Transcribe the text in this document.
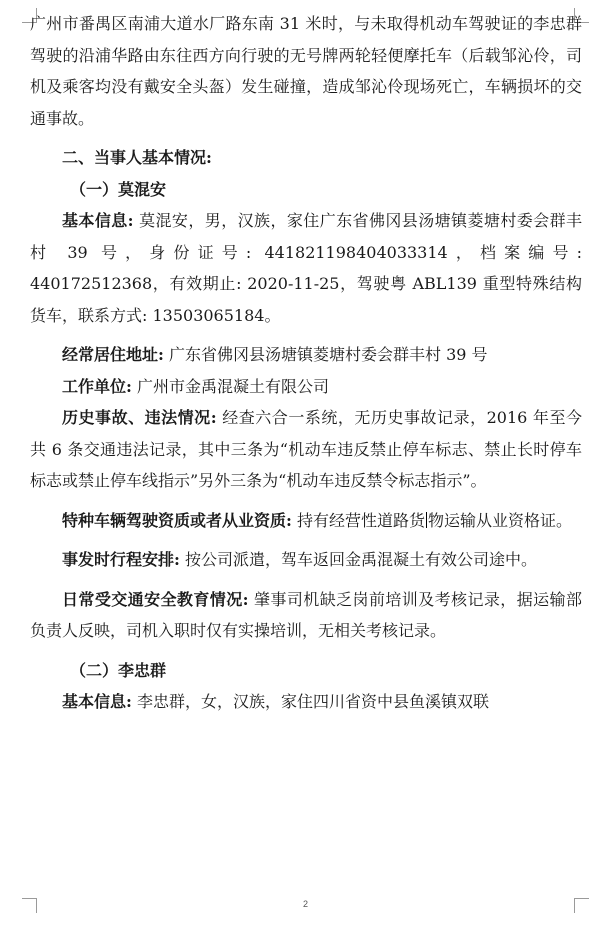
广州市番禺区南浦大道水厂路东南 31 米时，与未取得机动车驾驶证的李忠群驾驶的沿浦华路由东往西方向行驶的无号牌两轮轻便摩托车（后载邹沁伶，司机及乘客均没有戴安全头盔）发生碰撞，造成邹沁伶现场死亡，车辆损坏的交通事故。

二、当事人基本情况:

（一）莫混安

基本信息: 莫混安，男，汉族，家住广东省佛冈县汤塘镇菱塘村委会群丰村 39 号，身份证号: 441821198404033314，档案编号: 440172512368，有效期止: 2020-11-25，驾驶粤 ABL139 重型特殊结构货车，联系方式: 13503065184。

经常居住地址: 广东省佛冈县汤塘镇菱塘村委会群丰村 39 号

工作单位: 广州市金禹混凝土有限公司

历史事故、违法情况: 经查六合一系统，无历史事故记录，2016 年至今共 6 条交通违法记录，其中三条为“机动车违反禁止停车标志、禁止长时停车标志或禁止停车线指示”另外三条为“机动车违反禁令标志指示”。

特种车辆驾驶资质或者从业资质: 持有经营性道路货 物运输从业资格证。

事发时行程安排: 按公司派遣，驾车返回金禹混凝土有效公司途中。

日常受交通安全教育情况: 肇事司机缺乏岗前培训及考核记录，据运输部负责人反映，司机入职时仅有实操培训，无相关考核记录。

（二）李忠群

基本信息: 李忠群，女，汉族，家住四川省资中县鱼溪镇双联

2
